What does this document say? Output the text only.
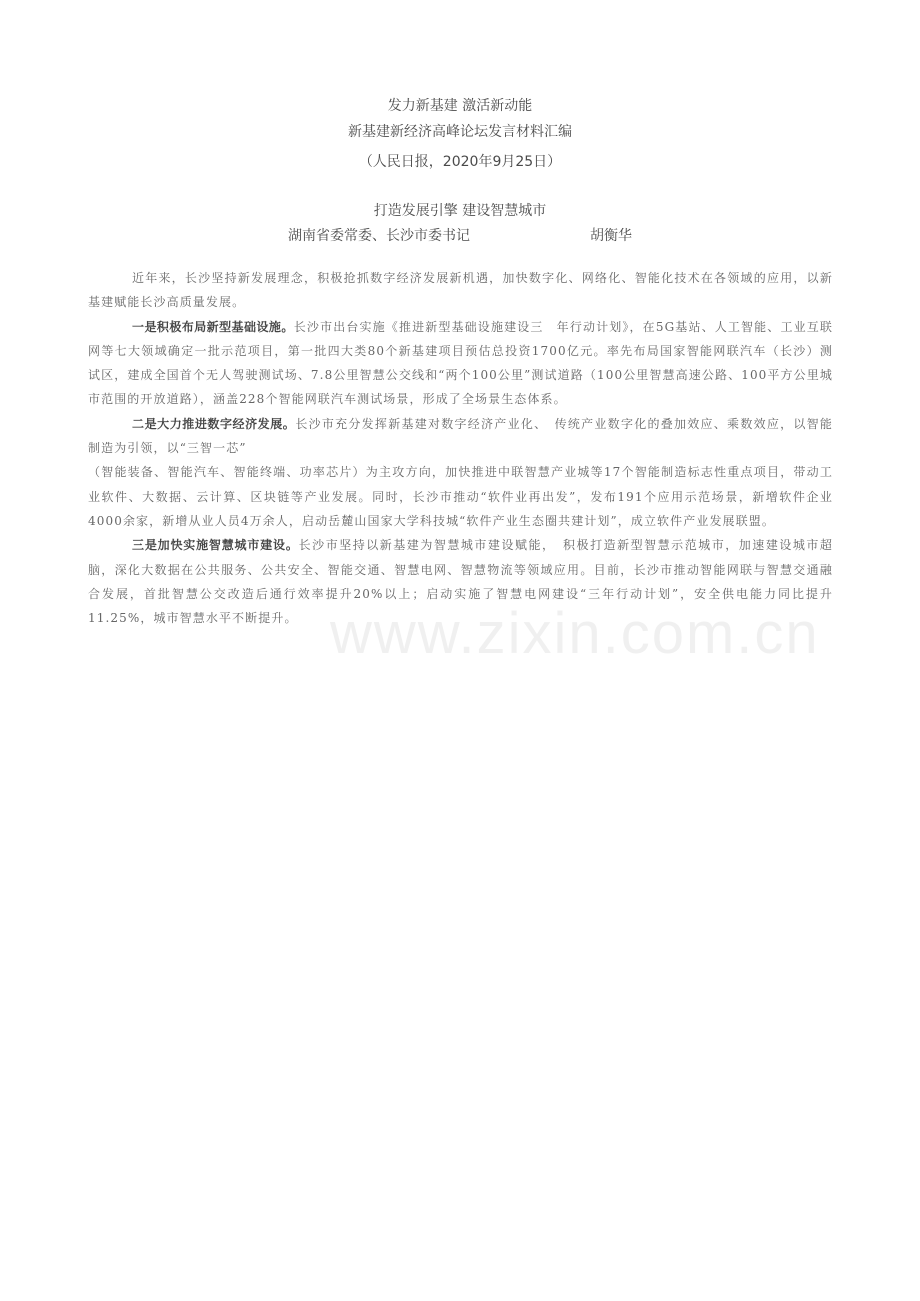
发力新基建 激活新动能
新基建新经济高峰论坛发言材料汇编
（人民日报，2020年9月25日）
打造发展引擎 建设智慧城市
湖南省委常委、长沙市委书记	胡衡华

近年来，长沙坚持新发展理念，积极抢抓数字经济发展新机遇，加快数字化、网络化、智能化技术在各领域的应用，以新基建赋能长沙高质量发展。

一是积极布局新型基础设施。长沙市出台实施《推进新型基础设施建设三　年行动计划》，在5G基站、人工智能、工业互联网等七大领域确定一批示范项目，第一批四大类80个新基建项目预估总投资1700亿元。率先布局国家智能网联汽车（长沙）测试区，建成全国首个无人驾驶测试场、7.8公里智慧公交线和“两个100公里”测试道路（100公里智慧高速公路、100平方公里城市范围的开放道路），涵盖228个智能网联汽车测试场景，形成了全场景生态体系。

二是大力推进数字经济发展。长沙市充分发挥新基建对数字经济产业化、　传统产业数字化的叠加效应、乘数效应，以智能制造为引领，以“三智一芯”
（智能装备、智能汽车、智能终端、功率芯片）为主攻方向，加快推进中联智慧产业城等17个智能制造标志性重点项目，带动工业软件、大数据、云计算、区块链等产业发展。同时，长沙市推动“软件业再出发”，发布191个应用示范场景，新增软件企业4000余家，新增从业人员4万余人，启动岳麓山国家大学科技城“软件产业生态圈共建计划”，成立软件产业发展联盟。

三是加快实施智慧城市建设。长沙市坚持以新基建为智慧城市建设赋能，　积极打造新型智慧示范城市，加速建设城市超脑，深化大数据在公共服务、公共安全、智能交通、智慧电网、智慧物流等领域应用。目前，长沙市推动智能网联与智慧交通融合发展，首批智慧公交改造后通行效率提升20%以上；启动实施了智慧电网建设“三年行动计划”，安全供电能力同比提升11.25%，城市智慧水平不断提升。 www.zixin.com.cn
